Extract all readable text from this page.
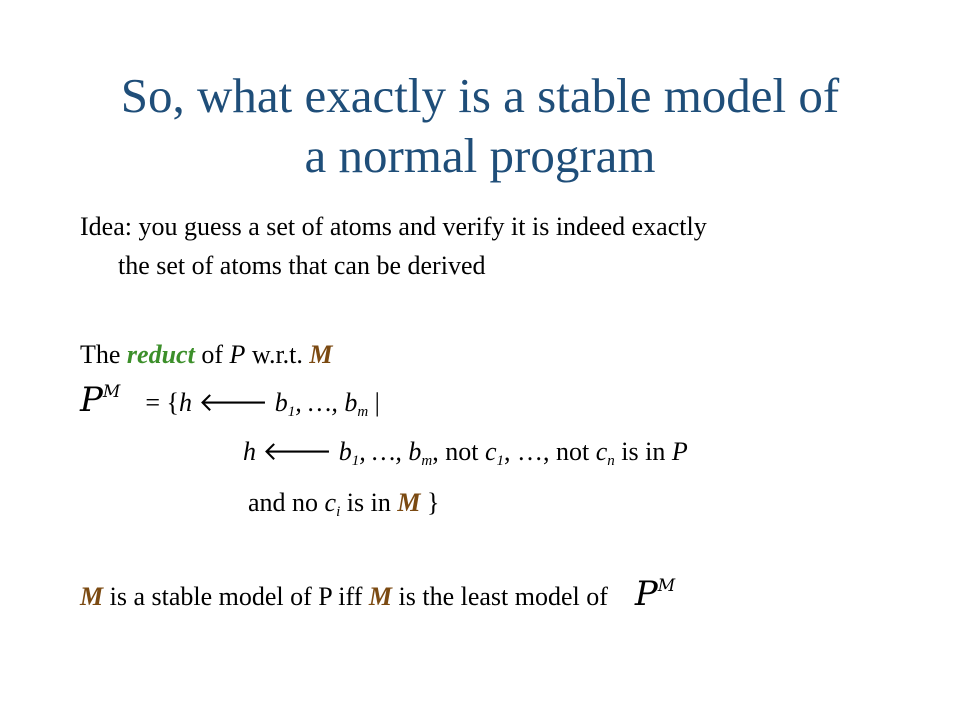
So, what exactly is a stable model of
a normal program
Idea: you guess a set of atoms and verify it is indeed exactly
the set of atoms that can be derived
The reduct of P w.r.t. M
$P^M = \{h$ 🡐 $b_1$, …, $b_m$ |
h 🡐 $b_1$, …, $b_m$, not $c_1$, …, not $c_n$ is in P
and no $c_i$ is in M }
M is a stable model of P iff M is the least model of $P^M$
